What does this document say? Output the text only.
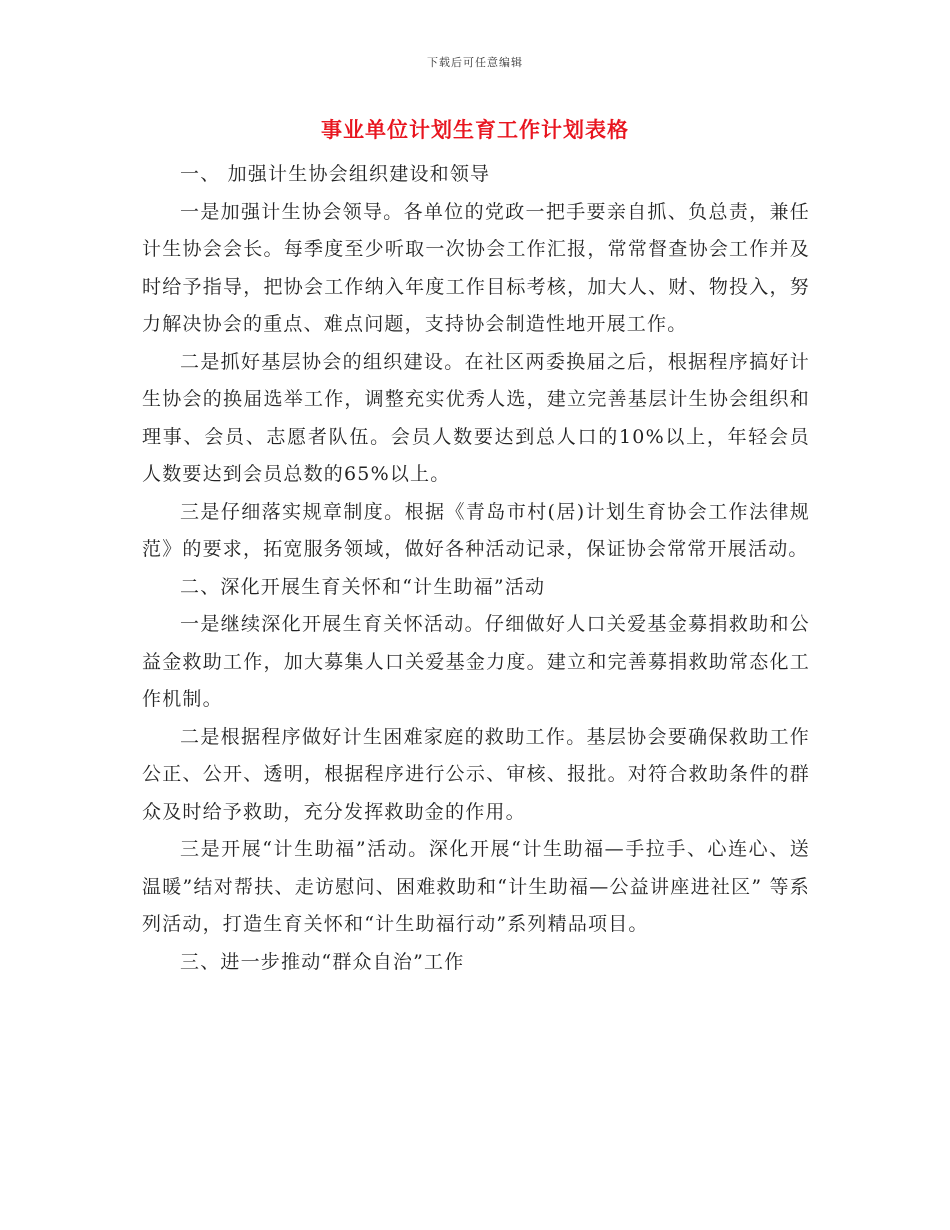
下载后可任意编辑
事业单位计划生育工作计划表格

一、 加强计生协会组织建设和领导

一是加强计生协会领导。各单位的党政一把手要亲自抓、负总责，兼任计生协会会长。每季度至少听取一次协会工作汇报，常常督查协会工作并及时给予指导，把协会工作纳入年度工作目标考核，加大人、财、物投入，努力解决协会的重点、难点问题，支持协会制造性地开展工作。

二是抓好基层协会的组织建设。在社区两委换届之后，根据程序搞好计生协会的换届选举工作，调整充实优秀人选，建立完善基层计生协会组织和理事、会员、志愿者队伍。会员人数要达到总人口的10%以上，年轻会员人数要达到会员总数的65%以上。

三是仔细落实规章制度。根据《青岛市村(居)计划生育协会工作法律规范》的要求，拓宽服务领域，做好各种活动记录，保证协会常常开展活动。

二、深化开展生育关怀和“计生助福”活动

一是继续深化开展生育关怀活动。仔细做好人口关爱基金募捐救助和公益金救助工作，加大募集人口关爱基金力度。建立和完善募捐救助常态化工作机制。

二是根据程序做好计生困难家庭的救助工作。基层协会要确保救助工作公正、公开、透明，根据程序进行公示、审核、报批。对符合救助条件的群众及时给予救助，充分发挥救助金的作用。

三是开展“计生助福”活动。深化开展“计生助福—手拉手、心连心、送温暖”结对帮扶、走访慰问、困难救助和“计生助福—公益讲座进社区” 等系列活动，打造生育关怀和“计生助福行动”系列精品项目。

三、进一步推动“群众自治”工作
